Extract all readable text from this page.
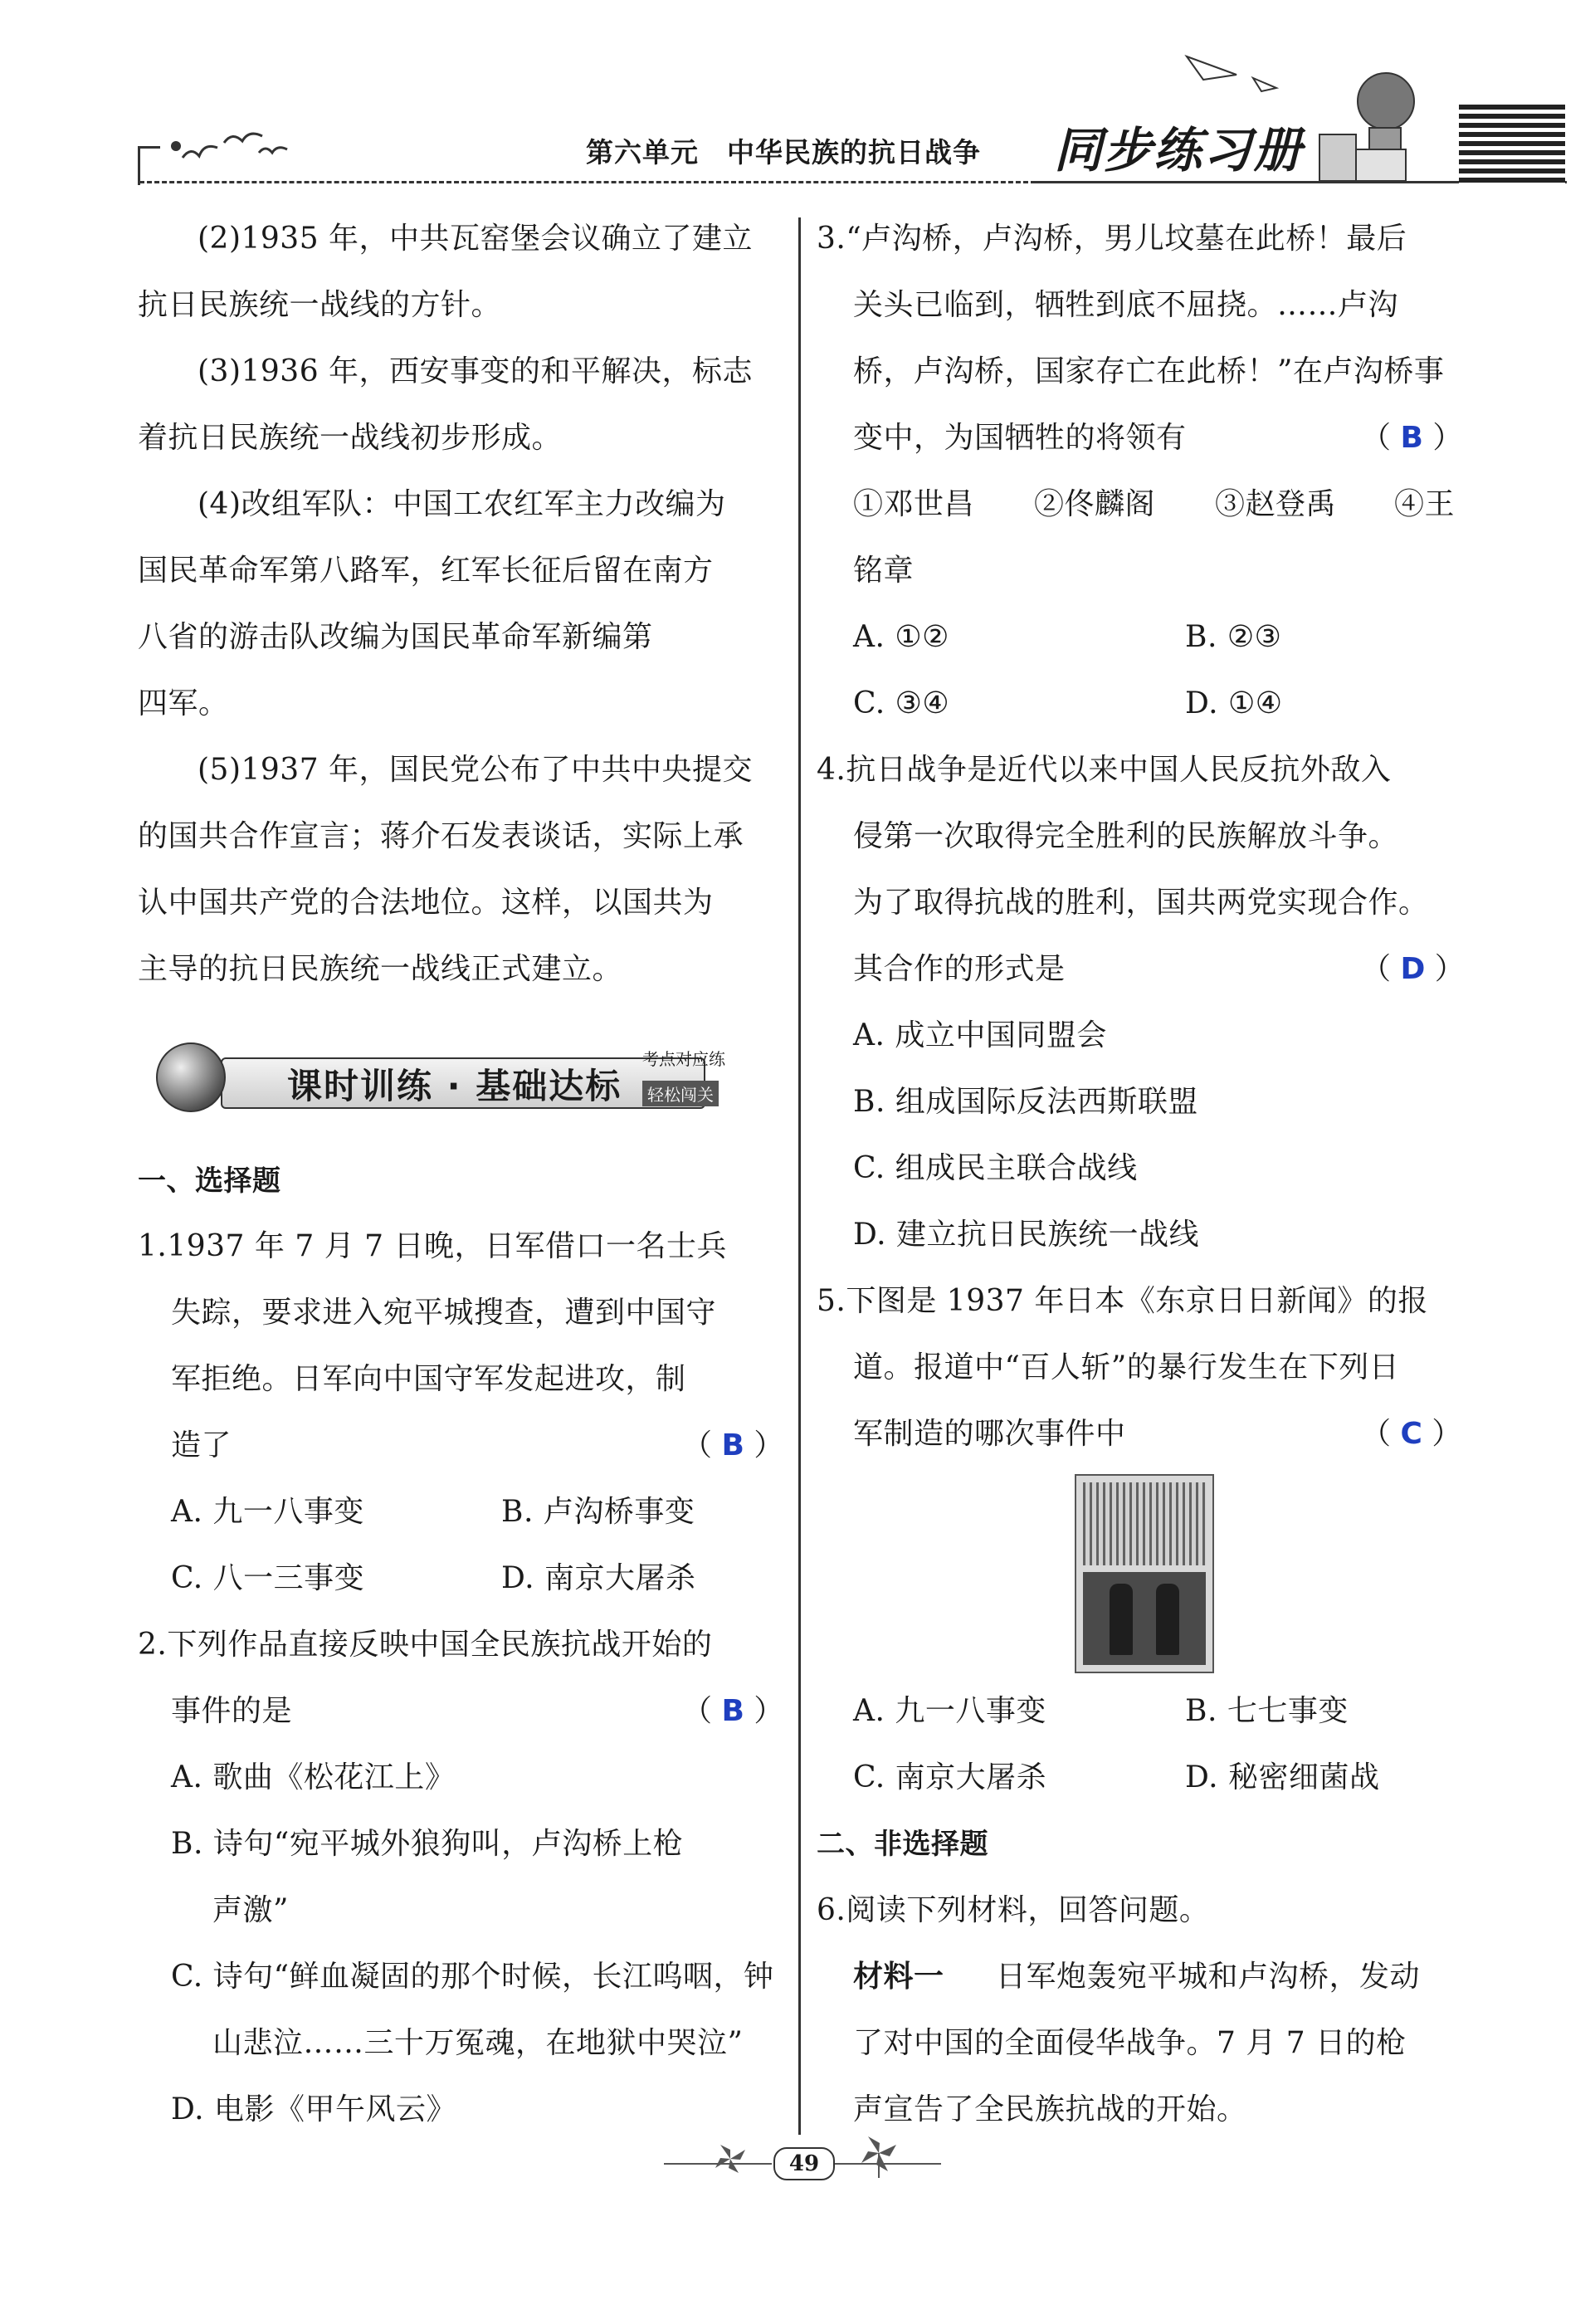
第六单元　中华民族的抗日战争 同步练习册
(2)1935 年，中共瓦窑堡会议确立了建立
抗日民族统一战线的方针。
(3)1936 年，西安事变的和平解决，标志
着抗日民族统一战线初步形成。
(4)改组军队：中国工农红军主力改编为
国民革命军第八路军，红军长征后留在南方
八省的游击队改编为国民革命军新编第
四军。
(5)1937 年，国民党公布了中共中央提交
的国共合作宣言；蒋介石发表谈话，实际上承
认中国共产党的合法地位。这样，以国共为
主导的抗日民族统一战线正式建立。
课时训练 · 基础达标
考点对应练
轻松闯关
一、选择题
1.1937 年 7 月 7 日晚，日军借口一名士兵
失踪，要求进入宛平城搜查，遭到中国守
军拒绝。日军向中国守军发起进攻，制
造了	（ B ）
A. 九一八事变	B. 卢沟桥事变
C. 八一三事变	D. 南京大屠杀
2.下列作品直接反映中国全民族抗战开始的
事件的是	（ B ）
A. 歌曲《松花江上》
B. 诗句“宛平城外狼狗叫，卢沟桥上枪
声激”
C. 诗句“鲜血凝固的那个时候，长江呜咽，钟
山悲泣……三十万冤魂，在地狱中哭泣”
D. 电影《甲午风云》
3.“卢沟桥，卢沟桥，男儿坟墓在此桥！最后
关头已临到，牺牲到底不屈挠。……卢沟
桥，卢沟桥，国家存亡在此桥！”在卢沟桥事
变中，为国牺牲的将领有	（ B ）
①邓世昌 ②佟麟阁 ③赵登禹 ④王
铭章
A. ①②	B. ②③
C. ③④	D. ①④
4.抗日战争是近代以来中国人民反抗外敌入
侵第一次取得完全胜利的民族解放斗争。
为了取得抗战的胜利，国共两党实现合作。
其合作的形式是	（ D ）
A. 成立中国同盟会
B. 组成国际反法西斯联盟
C. 组成民主联合战线
D. 建立抗日民族统一战线
5.下图是 1937 年日本《东京日日新闻》的报
道。报道中“百人斩”的暴行发生在下列日
军制造的哪次事件中	（ C ）
A. 九一八事变	B. 七七事变
C. 南京大屠杀	D. 秘密细菌战
二、非选择题
6.阅读下列材料，回答问题。
材料一 日军炮轰宛平城和卢沟桥，发动
了对中国的全面侵华战争。7 月 7 日的枪
声宣告了全民族抗战的开始。
49
